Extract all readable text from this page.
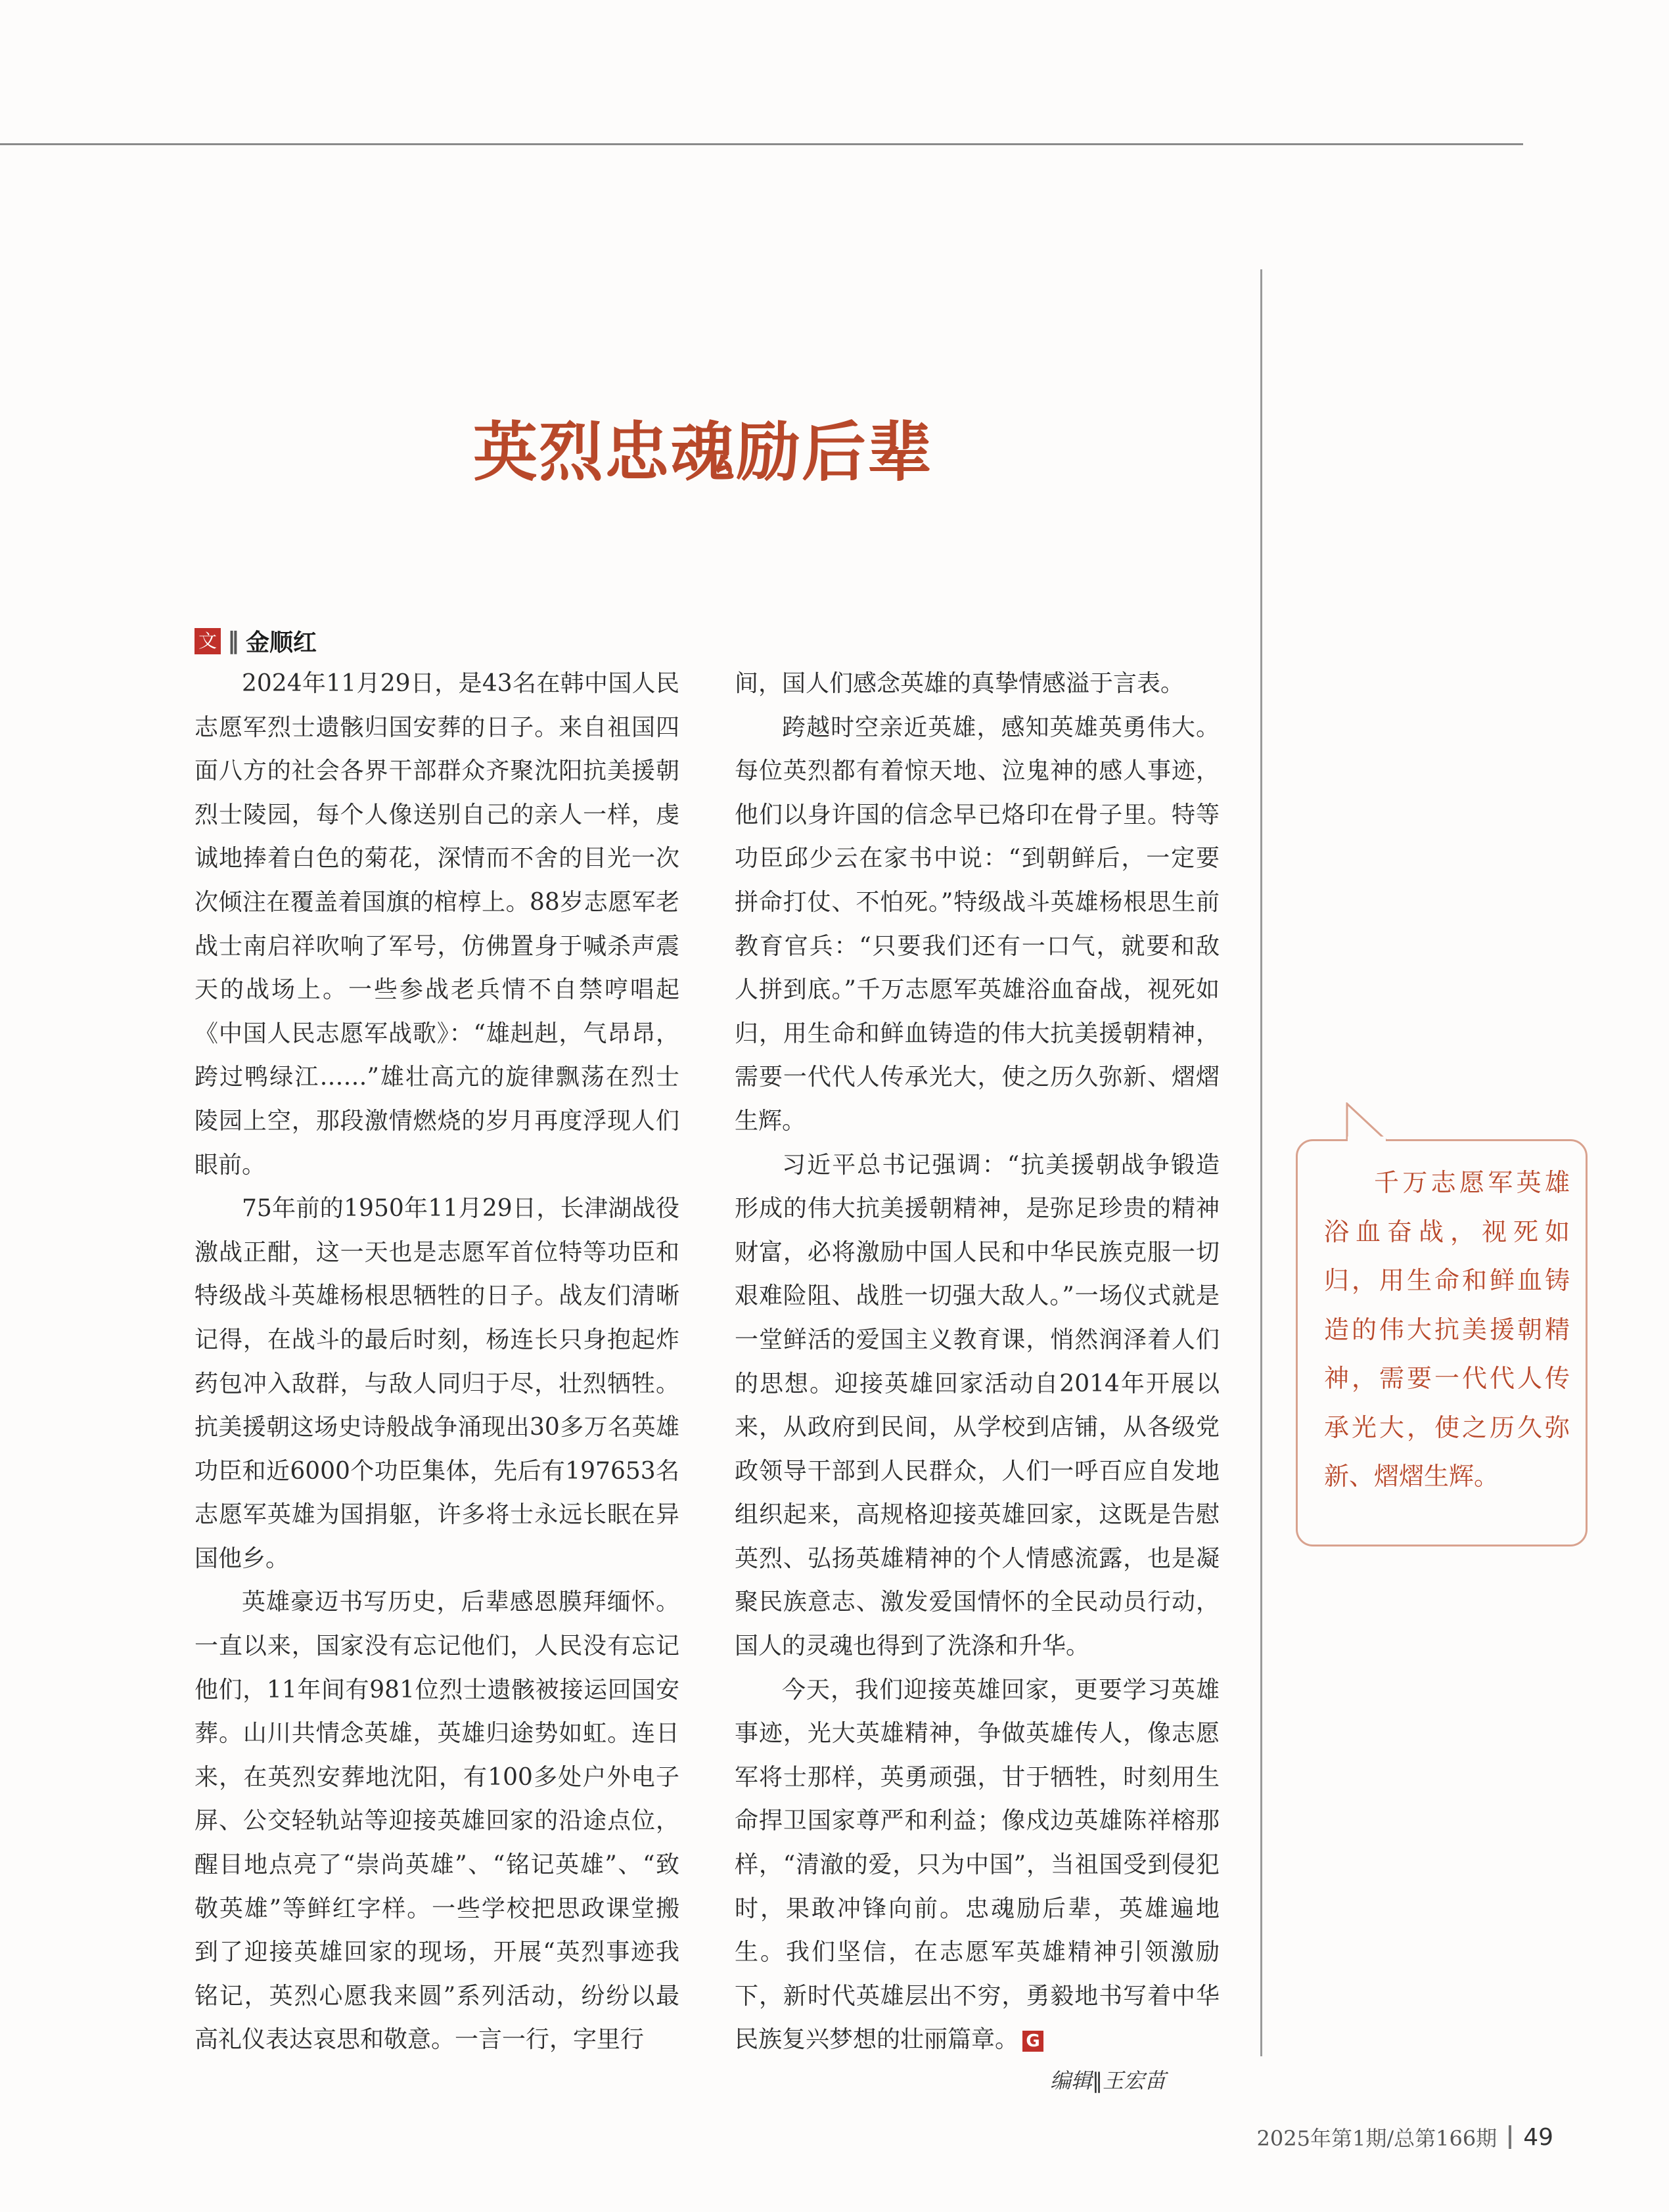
英烈忠魂励后辈
文 ‖ 金顺红

2024年11月29日，是43名在韩中国人民志愿军烈士遗骸归国安葬的日子。来自祖国四面八方的社会各界干部群众齐聚沈阳抗美援朝烈士陵园，每个人像送别自己的亲人一样，虔诚地捧着白色的菊花，深情而不舍的目光一次次倾注在覆盖着国旗的棺椁上。88岁志愿军老战士南启祥吹响了军号，仿佛置身于喊杀声震天的战场上。一些参战老兵情不自禁哼唱起《中国人民志愿军战歌》：“雄赳赳，气昂昂，跨过鸭绿江……”雄壮高亢的旋律飘荡在烈士陵园上空，那段激情燃烧的岁月再度浮现人们眼前。

75年前的1950年11月29日，长津湖战役激战正酣，这一天也是志愿军首位特等功臣和特级战斗英雄杨根思牺牲的日子。战友们清晰记得，在战斗的最后时刻，杨连长只身抱起炸药包冲入敌群，与敌人同归于尽，壮烈牺牲。抗美援朝这场史诗般战争涌现出30多万名英雄功臣和近6000个功臣集体，先后有197653名志愿军英雄为国捐躯，许多将士永远长眠在异国他乡。

英雄豪迈书写历史，后辈感恩膜拜缅怀。一直以来，国家没有忘记他们，人民没有忘记他们，11年间有981位烈士遗骸被接运回国安葬。山川共情念英雄，英雄归途势如虹。连日来，在英烈安葬地沈阳，有100多处户外电子屏、公交轻轨站等迎接英雄回家的沿途点位，醒目地点亮了“崇尚英雄”、“铭记英雄”、“致敬英雄”等鲜红字样。一些学校把思政课堂搬到了迎接英雄回家的现场，开展“英烈事迹我铭记，英烈心愿我来圆”系列活动，纷纷以最高礼仪表达哀思和敬意。一言一行，字里行

间，国人们感念英雄的真挚情感溢于言表。

跨越时空亲近英雄，感知英雄英勇伟大。每位英烈都有着惊天地、泣鬼神的感人事迹，他们以身许国的信念早已烙印在骨子里。特等功臣邱少云在家书中说：“到朝鲜后，一定要拼命打仗、不怕死。”特级战斗英雄杨根思生前教育官兵：“只要我们还有一口气，就要和敌人拼到底。”千万志愿军英雄浴血奋战，视死如归，用生命和鲜血铸造的伟大抗美援朝精神，需要一代代人传承光大，使之历久弥新、熠熠生辉。

习近平总书记强调：“抗美援朝战争锻造形成的伟大抗美援朝精神，是弥足珍贵的精神财富，必将激励中国人民和中华民族克服一切艰难险阻、战胜一切强大敌人。”一场仪式就是一堂鲜活的爱国主义教育课，悄然润泽着人们的思想。迎接英雄回家活动自2014年开展以来，从政府到民间，从学校到店铺，从各级党政领导干部到人民群众，人们一呼百应自发地组织起来，高规格迎接英雄回家，这既是告慰英烈、弘扬英雄精神的个人情感流露，也是凝聚民族意志、激发爱国情怀的全民动员行动，国人的灵魂也得到了洗涤和升华。

今天，我们迎接英雄回家，更要学习英雄事迹，光大英雄精神，争做英雄传人，像志愿军将士那样，英勇顽强，甘于牺牲，时刻用生命捍卫国家尊严和利益；像戍边英雄陈祥榕那样，“清澈的爱，只为中国”，当祖国受到侵犯时，果敢冲锋向前。忠魂励后辈，英雄遍地生。我们坚信，在志愿军英雄精神引领激励下，新时代英雄层出不穷，勇毅地书写着中华民族复兴梦想的壮丽篇章。 G

编辑‖王宏苗
千万志愿军英雄浴血奋战，视死如归，用生命和鲜血铸造的伟大抗美援朝精神，需要一代代人传承光大，使之历久弥新、熠熠生辉。
2025年第1期/总第166期 49
